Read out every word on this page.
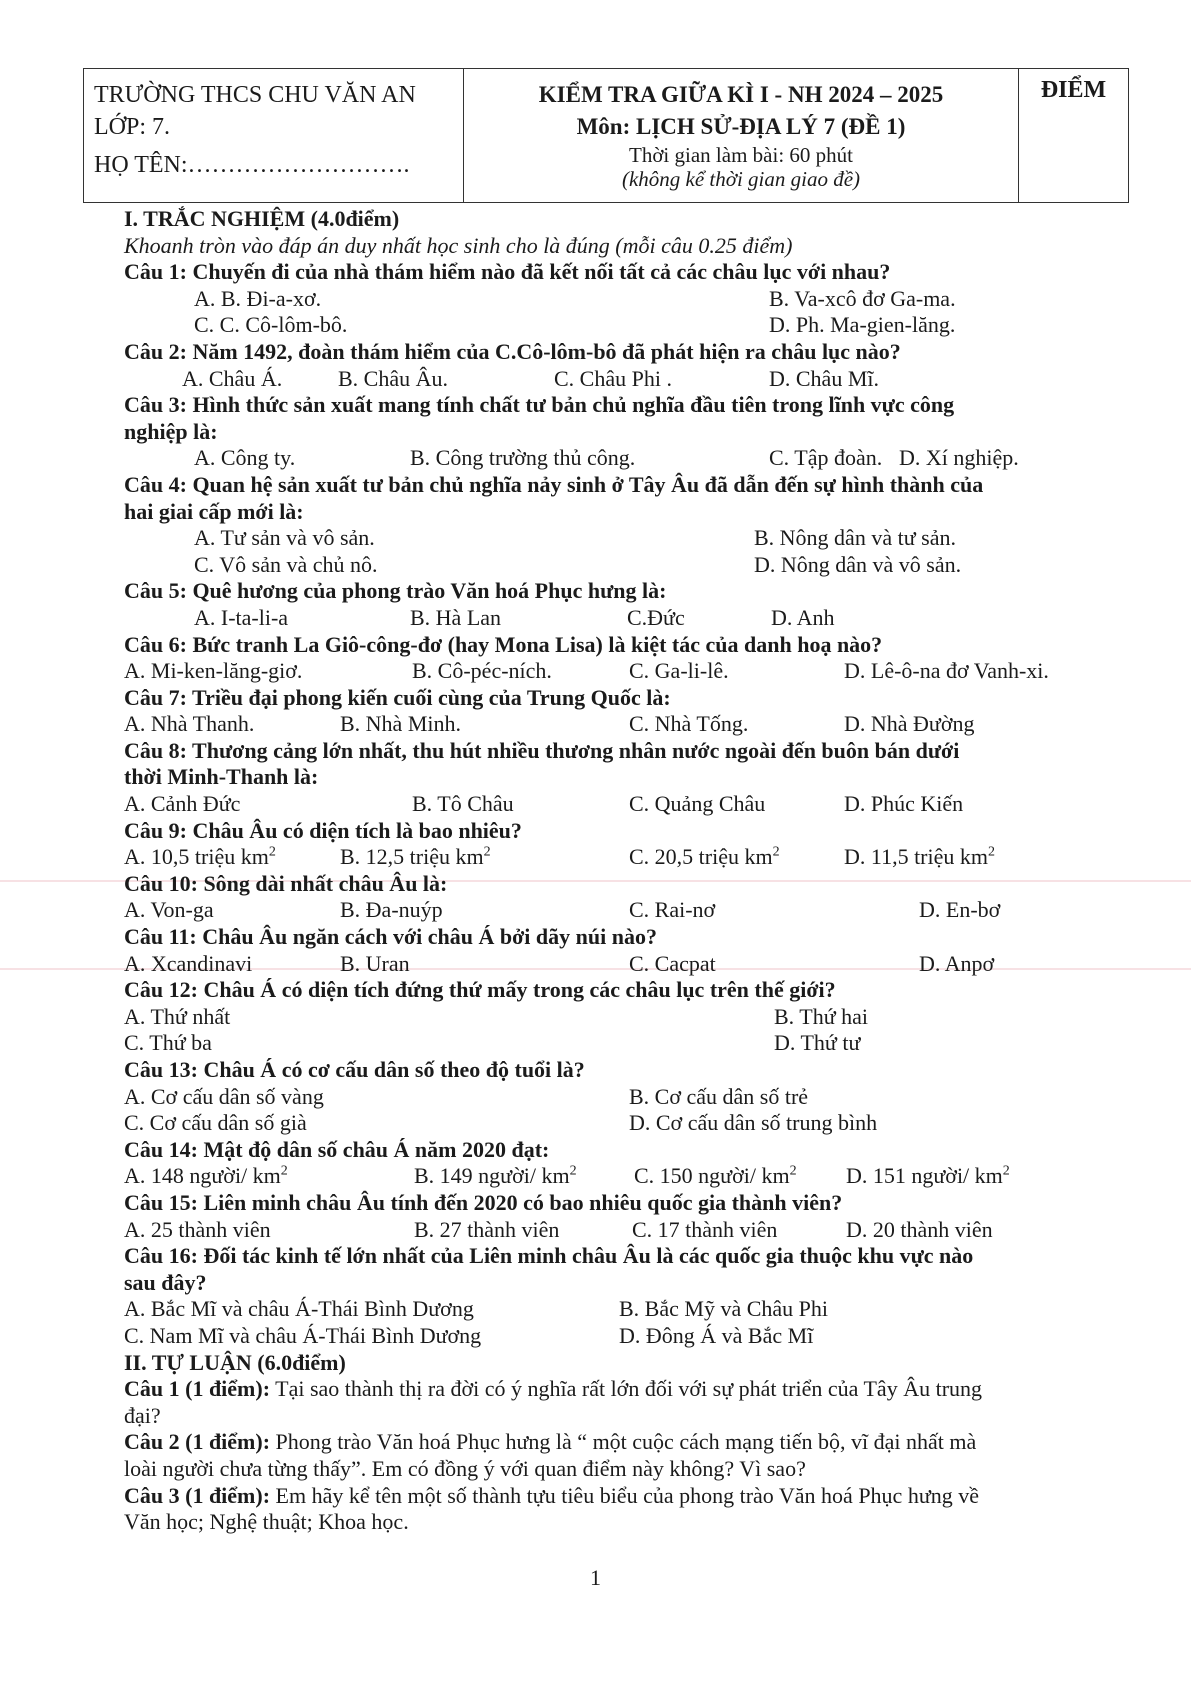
TRƯỜNG THCS CHU VĂN AN
LỚP: 7.
HỌ TÊN:……………………….
KIỂM TRA GIỮA KÌ I - NH 2024 – 2025
Môn: LỊCH SỬ-ĐỊA LÝ 7 (ĐỀ 1)
Thời gian làm bài: 60 phút
(không kể thời gian giao đề)
ĐIỂM
I. TRẮC NGHIỆM (4.0điểm)
Khoanh tròn vào đáp án duy nhất học sinh cho là đúng (mỗi câu 0.25 điểm)
Câu 1: Chuyến đi của nhà thám hiểm nào đã kết nối tất cả các châu lục với nhau?
A. B. Đi-a-xơ.	B. Va-xcô đơ Ga-ma.
C. C. Cô-lôm-bô.	D. Ph. Ma-gien-lăng.
Câu 2: Năm 1492, đoàn thám hiểm của C.Cô-lôm-bô đã phát hiện ra châu lục nào?
A. Châu Á.	B. Châu Âu.	C. Châu Phi .	D. Châu Mĩ.
Câu 3: Hình thức sản xuất mang tính chất tư bản chủ nghĩa đầu tiên trong lĩnh vực công
nghiệp là:
A. Công ty.	B. Công trường thủ công.	C. Tập đoàn. D. Xí nghiệp.
Câu 4: Quan hệ sản xuất tư bản chủ nghĩa nảy sinh ở Tây Âu đã dẫn đến sự hình thành của
hai giai cấp mới là:
A. Tư sản và vô sản.	B. Nông dân và tư sản.
C. Vô sản và chủ nô.	D. Nông dân và vô sản.
Câu 5: Quê hương của phong trào Văn hoá Phục hưng là:
A. I-ta-li-a	B. Hà Lan	C.Đức	D. Anh
Câu 6: Bức tranh La Giô-công-đơ (hay Mona Lisa) là kiệt tác của danh hoạ nào?
A. Mi-ken-lăng-giơ.	B. Cô-péc-ních.	C. Ga-li-lê.	D. Lê-ô-na đơ Vanh-xi.
Câu 7: Triều đại phong kiến cuối cùng của Trung Quốc là:
A. Nhà Thanh.	B. Nhà Minh.	C. Nhà Tống.	D. Nhà Đường
Câu 8: Thương cảng lớn nhất, thu hút nhiều thương nhân nước ngoài đến buôn bán dưới
thời Minh-Thanh là:
A. Cảnh Đức	B. Tô Châu	C. Quảng Châu	D. Phúc Kiến
Câu 9: Châu Âu có diện tích là bao nhiêu?
A. 10,5 triệu $km^2$	B. 12,5 triệu $km^2$	C. 20,5 triệu $km^2$	D. 11,5 triệu $km^2$
Câu 10: Sông dài nhất châu Âu là:
A. Von-ga	B. Đa-nuýp	C. Rai-nơ	D. En-bơ
Câu 11: Châu Âu ngăn cách với châu Á bởi dãy núi nào?
A. Xcandinavi	B. Uran	C. Cacpat	D. Anpơ
Câu 12: Châu Á có diện tích đứng thứ mấy trong các châu lục trên thế giới?
A. Thứ nhất	B. Thứ hai
C. Thứ ba	D. Thứ tư
Câu 13: Châu Á có cơ cấu dân số theo độ tuổi là?
A. Cơ cấu dân số vàng	B. Cơ cấu dân số trẻ
C. Cơ cấu dân số già	D. Cơ cấu dân số trung bình
Câu 14: Mật độ dân số châu Á năm 2020 đạt:
A. 148 người/ $km^2$	B. 149 người/ $km^2$	C. 150 người/ $km^2$ D. 151 người/ $km^2$
Câu 15: Liên minh châu Âu tính đến 2020 có bao nhiêu quốc gia thành viên?
A. 25 thành viên	B. 27 thành viên	C. 17 thành viên	D. 20 thành viên
Câu 16: Đối tác kinh tế lớn nhất của Liên minh châu Âu là các quốc gia thuộc khu vực nào
sau đây?
A. Bắc Mĩ và châu Á-Thái Bình Dương	B. Bắc Mỹ và Châu Phi
C. Nam Mĩ và châu Á-Thái Bình Dương	D. Đông Á và Bắc Mĩ
II. TỰ LUẬN (6.0điểm)
Câu 1 (1 điểm): Tại sao thành thị ra đời có ý nghĩa rất lớn đối với sự phát triển của Tây Âu trung
đại?
Câu 2 (1 điểm): Phong trào Văn hoá Phục hưng là “ một cuộc cách mạng tiến bộ, vĩ đại nhất mà
loài người chưa từng thấy”. Em có đồng ý với quan điểm này không? Vì sao?
Câu 3 (1 điểm): Em hãy kể tên một số thành tựu tiêu biểu của phong trào Văn hoá Phục hưng về
Văn học; Nghệ thuật; Khoa học.
1
